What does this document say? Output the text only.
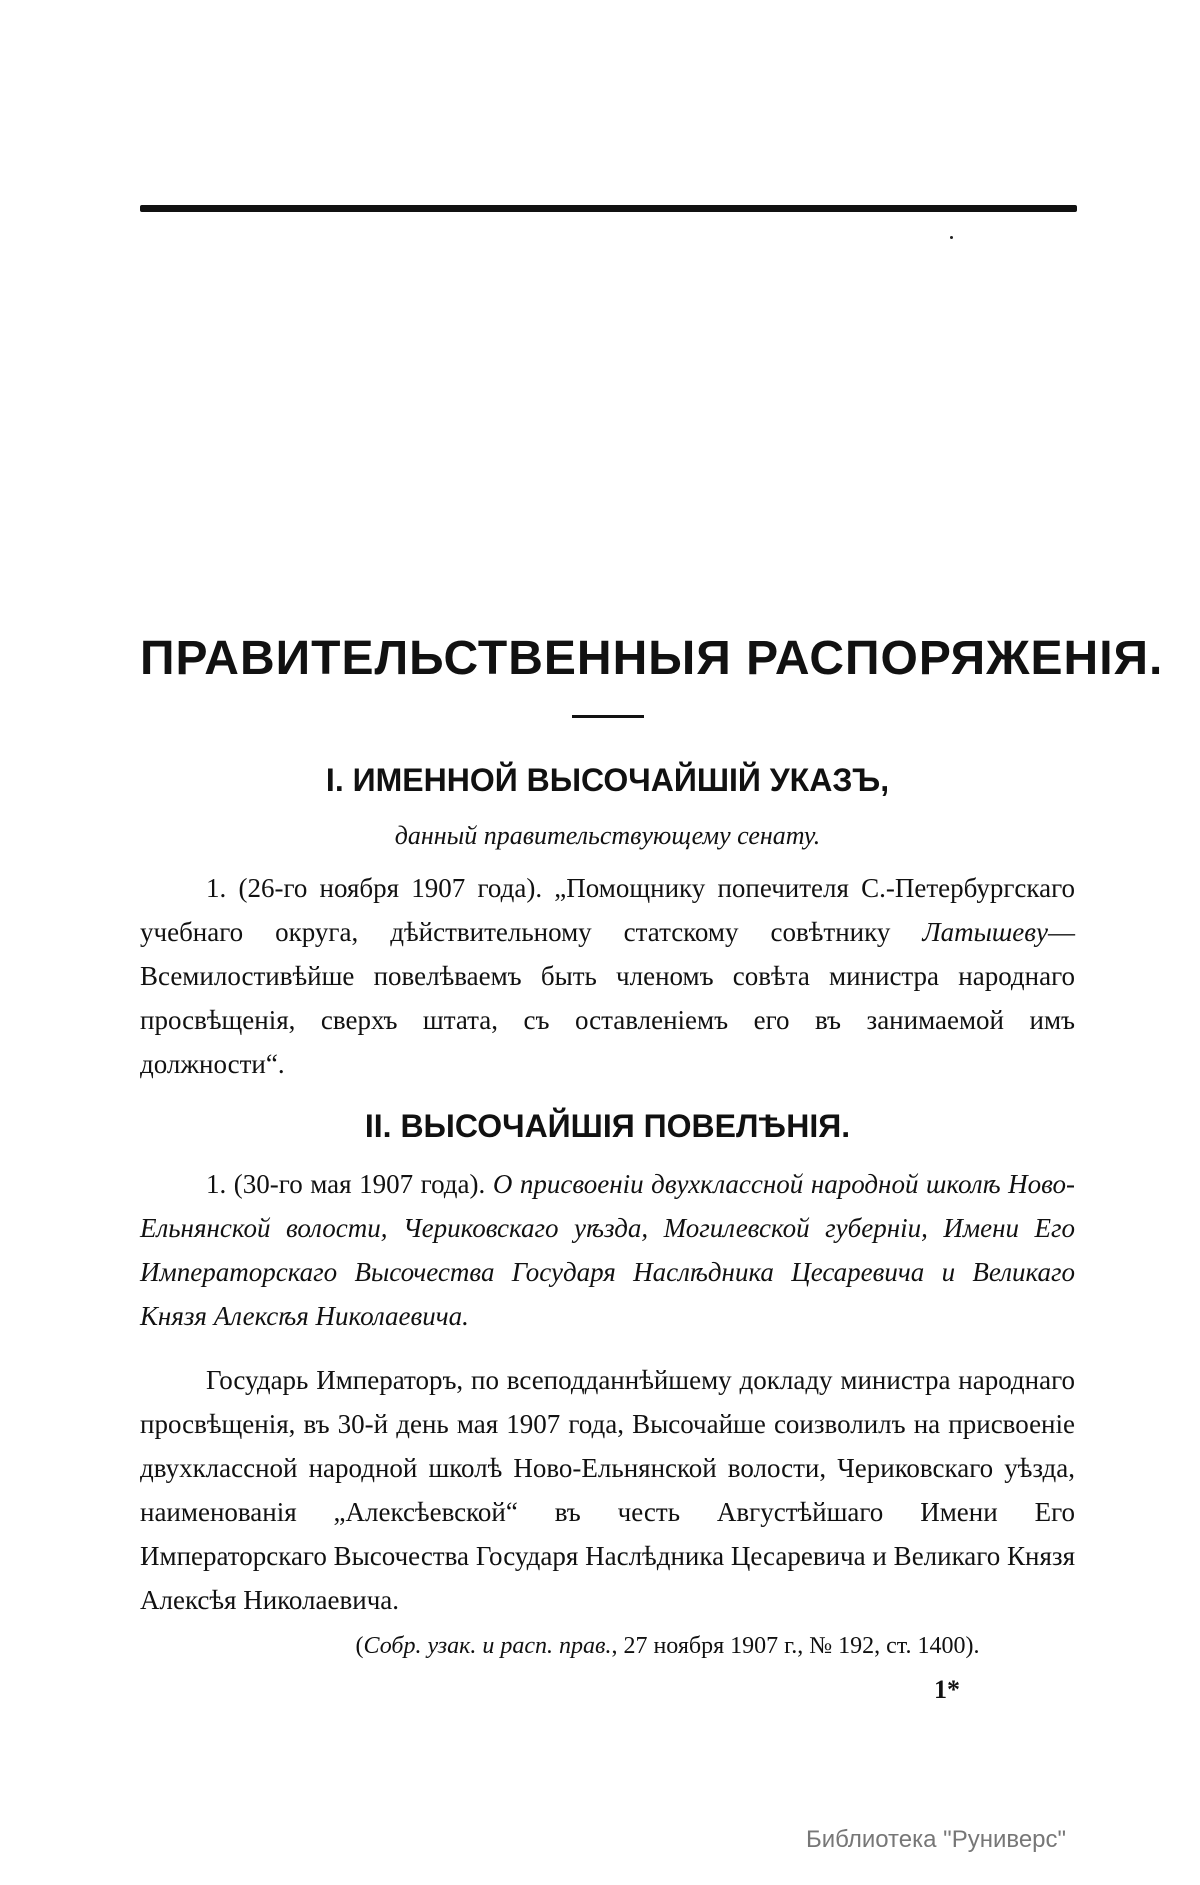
ПРАВИТЕЛЬСТВЕННЫЯ РАСПОРЯЖЕНІЯ.
I. ИМЕННОЙ ВЫСОЧАЙШІЙ УКАЗЪ,
данный правительствующему сенату.
1. (26-го ноября 1907 года). „Помощнику попечителя С.-Петербургскаго учебнаго округа, дѣйствительному статскому совѣтнику Латышеву—Всемилостивѣйше повелѣваемъ быть членомъ совѣта министра народнаго просвѣщенія, сверхъ штата, съ оставленіемъ его въ занимаемой имъ должности“.
II. ВЫСОЧАЙШІЯ ПОВЕЛѢНІЯ.
1. (30-го мая 1907 года). О присвоеніи двухклассной народной школѣ Ново-Ельнянской волости, Чериковскаго уѣзда, Могилевской губерніи, Имени Его Императорскаго Высочества Государя Наслѣдника Цесаревича и Великаго Князя Алексѣя Николаевича.
Государь Императоръ, по всеподданнѣйшему докладу министра народнаго просвѣщенія, въ 30-й день мая 1907 года, Высочайше соизволилъ на присвоеніе двухклассной народной школѣ Ново-Ельнянской волости, Чериковскаго уѣзда, наименованія „Алексѣевской“ въ честь Августѣйшаго Имени Его Императорскаго Высочества Государя Наслѣдника Цесаревича и Великаго Князя Алексѣя Николаевича.
(Собр. узак. и расп. прав., 27 ноября 1907 г., № 192, ст. 1400).
1*
Библиотека "Руниверс"
